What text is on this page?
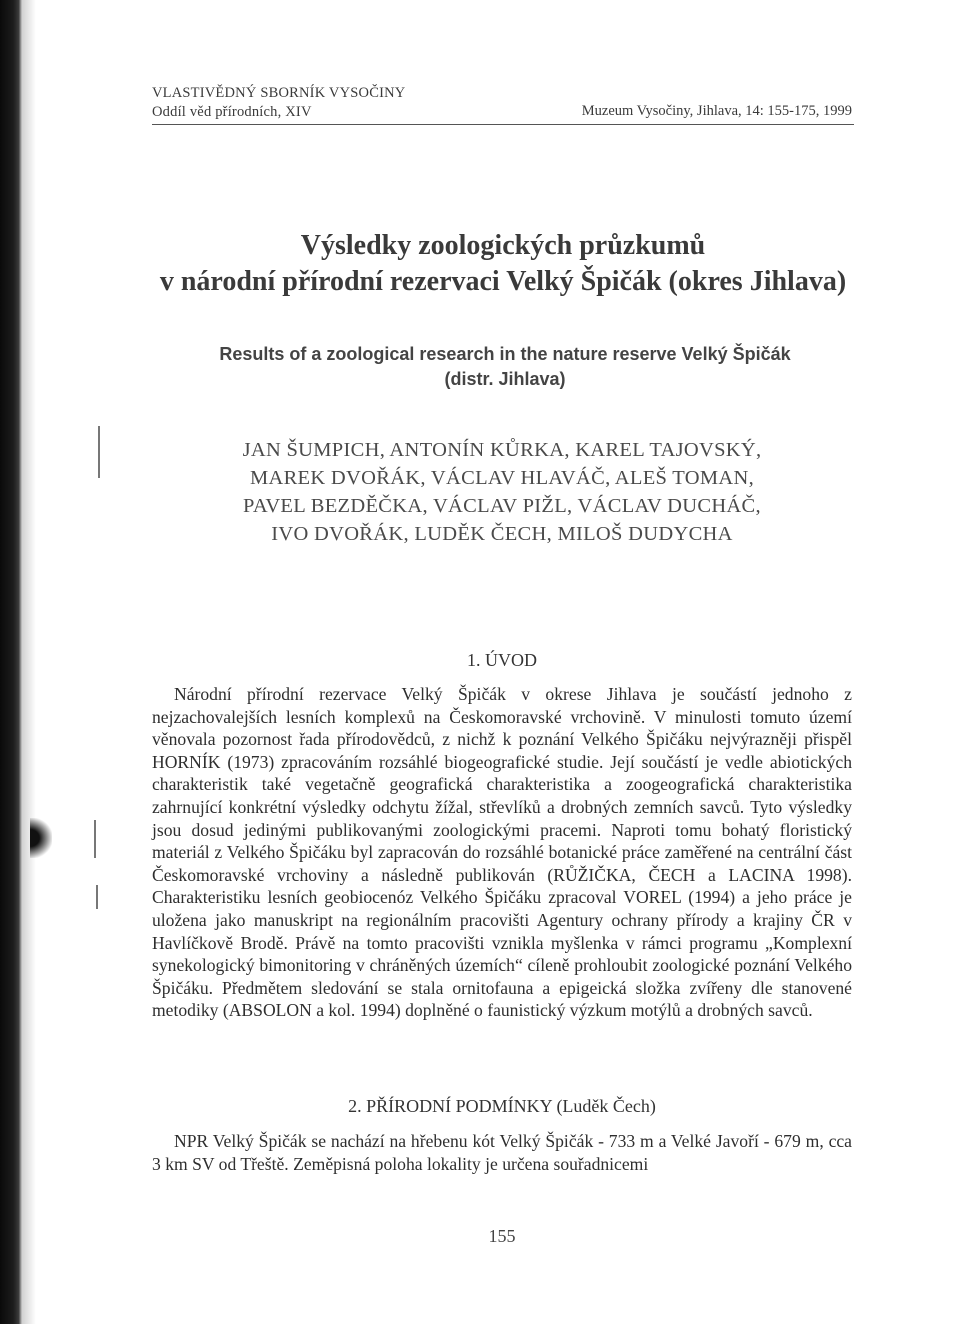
VLASTIVĚDNÝ SBORNÍK VYSOČINY
Oddíl věd přírodních, XIV	Muzeum Vysočiny, Jihlava, 14: 155-175, 1999
Výsledky zoologických průzkumů
v národní přírodní rezervaci Velký Špičák (okres Jihlava)
Results of a zoological research in the nature reserve Velký Špičák
(distr. Jihlava)
JAN ŠUMPICH, ANTONÍN KŮRKA, KAREL TAJOVSKÝ,
MAREK DVOŘÁK, VÁCLAV HLAVÁČ, ALEŠ TOMAN,
PAVEL BEZDĚČKA, VÁCLAV PIŽL, VÁCLAV DUCHÁČ,
IVO DVOŘÁK, LUDĚK ČECH, MILOŠ DUDYCHA
1. ÚVOD

Národní přírodní rezervace Velký Špičák v okrese Jihlava je součástí jednoho z nejzachovalejších lesních komplexů na Českomoravské vrchovině. V minulosti tomuto území věnovala pozornost řada přírodovědců, z nichž k poznání Velkého Špičáku nejvýrazněji přispěl HORNÍK (1973) zpracováním rozsáhlé biogeografické studie. Její součástí je vedle abiotických charakteristik také vegetačně geografická charakteristika a zoogeografická charakteristika zahrnující konkrétní výsledky odchytu žížal, střevlíků a drobných zemních savců. Tyto výsledky jsou dosud jedinými publikovanými zoologickými pracemi. Naproti tomu bohatý floristický materiál z Velkého Špičáku byl zapracován do rozsáhlé botanické práce zaměřené na centrální část Českomoravské vrchoviny a následně publikován (RŮŽIČKA, ČECH a LACINA 1998). Charakteristiku lesních geobiocenóz Velkého Špičáku zpracoval VOREL (1994) a jeho práce je uložena jako manuskript na regionálním pracovišti Agentury ochrany přírody a krajiny ČR v Havlíčkově Brodě. Právě na tomto pracovišti vznikla myšlenka v rámci programu „Komplexní synekologický bimonitoring v chráněných územích“ cíleně prohloubit zoologické poznání Velkého Špičáku. Předmětem sledování se stala ornitofauna a epigeická složka zvířeny dle stanovené metodiky (ABSOLON a kol. 1994) doplněné o faunistický výzkum motýlů a drobných savců.

2. PŘÍRODNÍ PODMÍNKY (Luděk Čech)

NPR Velký Špičák se nachází na hřebenu kót Velký Špičák - 733 m a Velké Javoří - 679 m, cca 3 km SV od Třeště. Zeměpisná poloha lokality je určena souřadnicemi

155
